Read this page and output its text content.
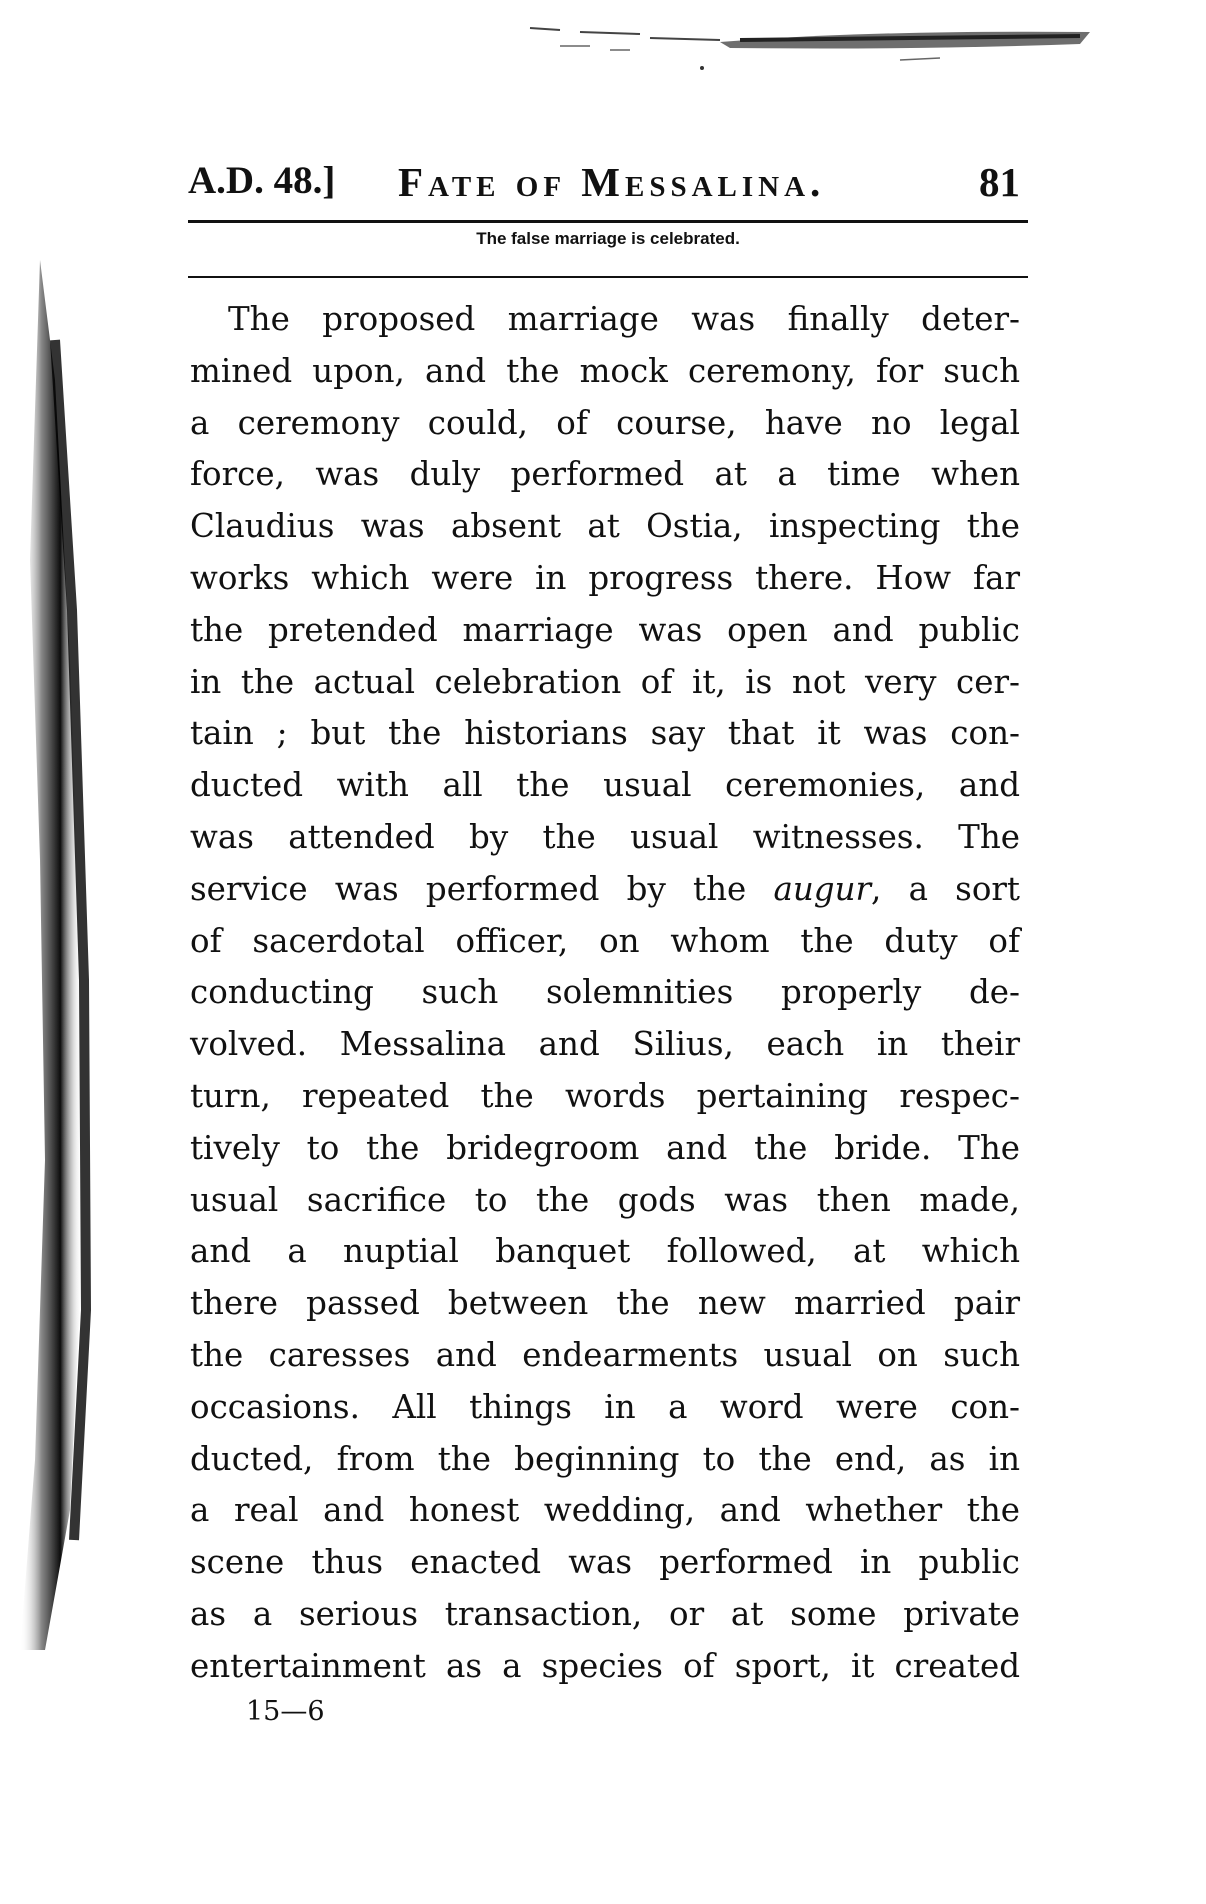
A.D. 48.] Fate of Messalina.	81
The false marriage is celebrated.
The proposed marriage was finally deter-
mined upon, and the mock ceremony, for such
a ceremony could, of course, have no legal
force, was duly performed at a time when
Claudius was absent at Ostia, inspecting the
works which were in progress there. How far
the pretended marriage was open and public
in the actual celebration of it, is not very cer-
tain ; but the historians say that it was con-
ducted with all the usual ceremonies, and
was attended by the usual witnesses. The
service was performed by the augur, a sort
of sacerdotal officer, on whom the duty of
conducting such solemnities properly de-
volved. Messalina and Silius, each in their
turn, repeated the words pertaining respec-
tively to the bridegroom and the bride. The
usual sacrifice to the gods was then made,
and a nuptial banquet followed, at which
there passed between the new married pair
the caresses and endearments usual on such
occasions. All things in a word were con-
ducted, from the beginning to the end, as in
a real and honest wedding, and whether the
scene thus enacted was performed in public
as a serious transaction, or at some private
entertainment as a species of sport, it created
15—6
